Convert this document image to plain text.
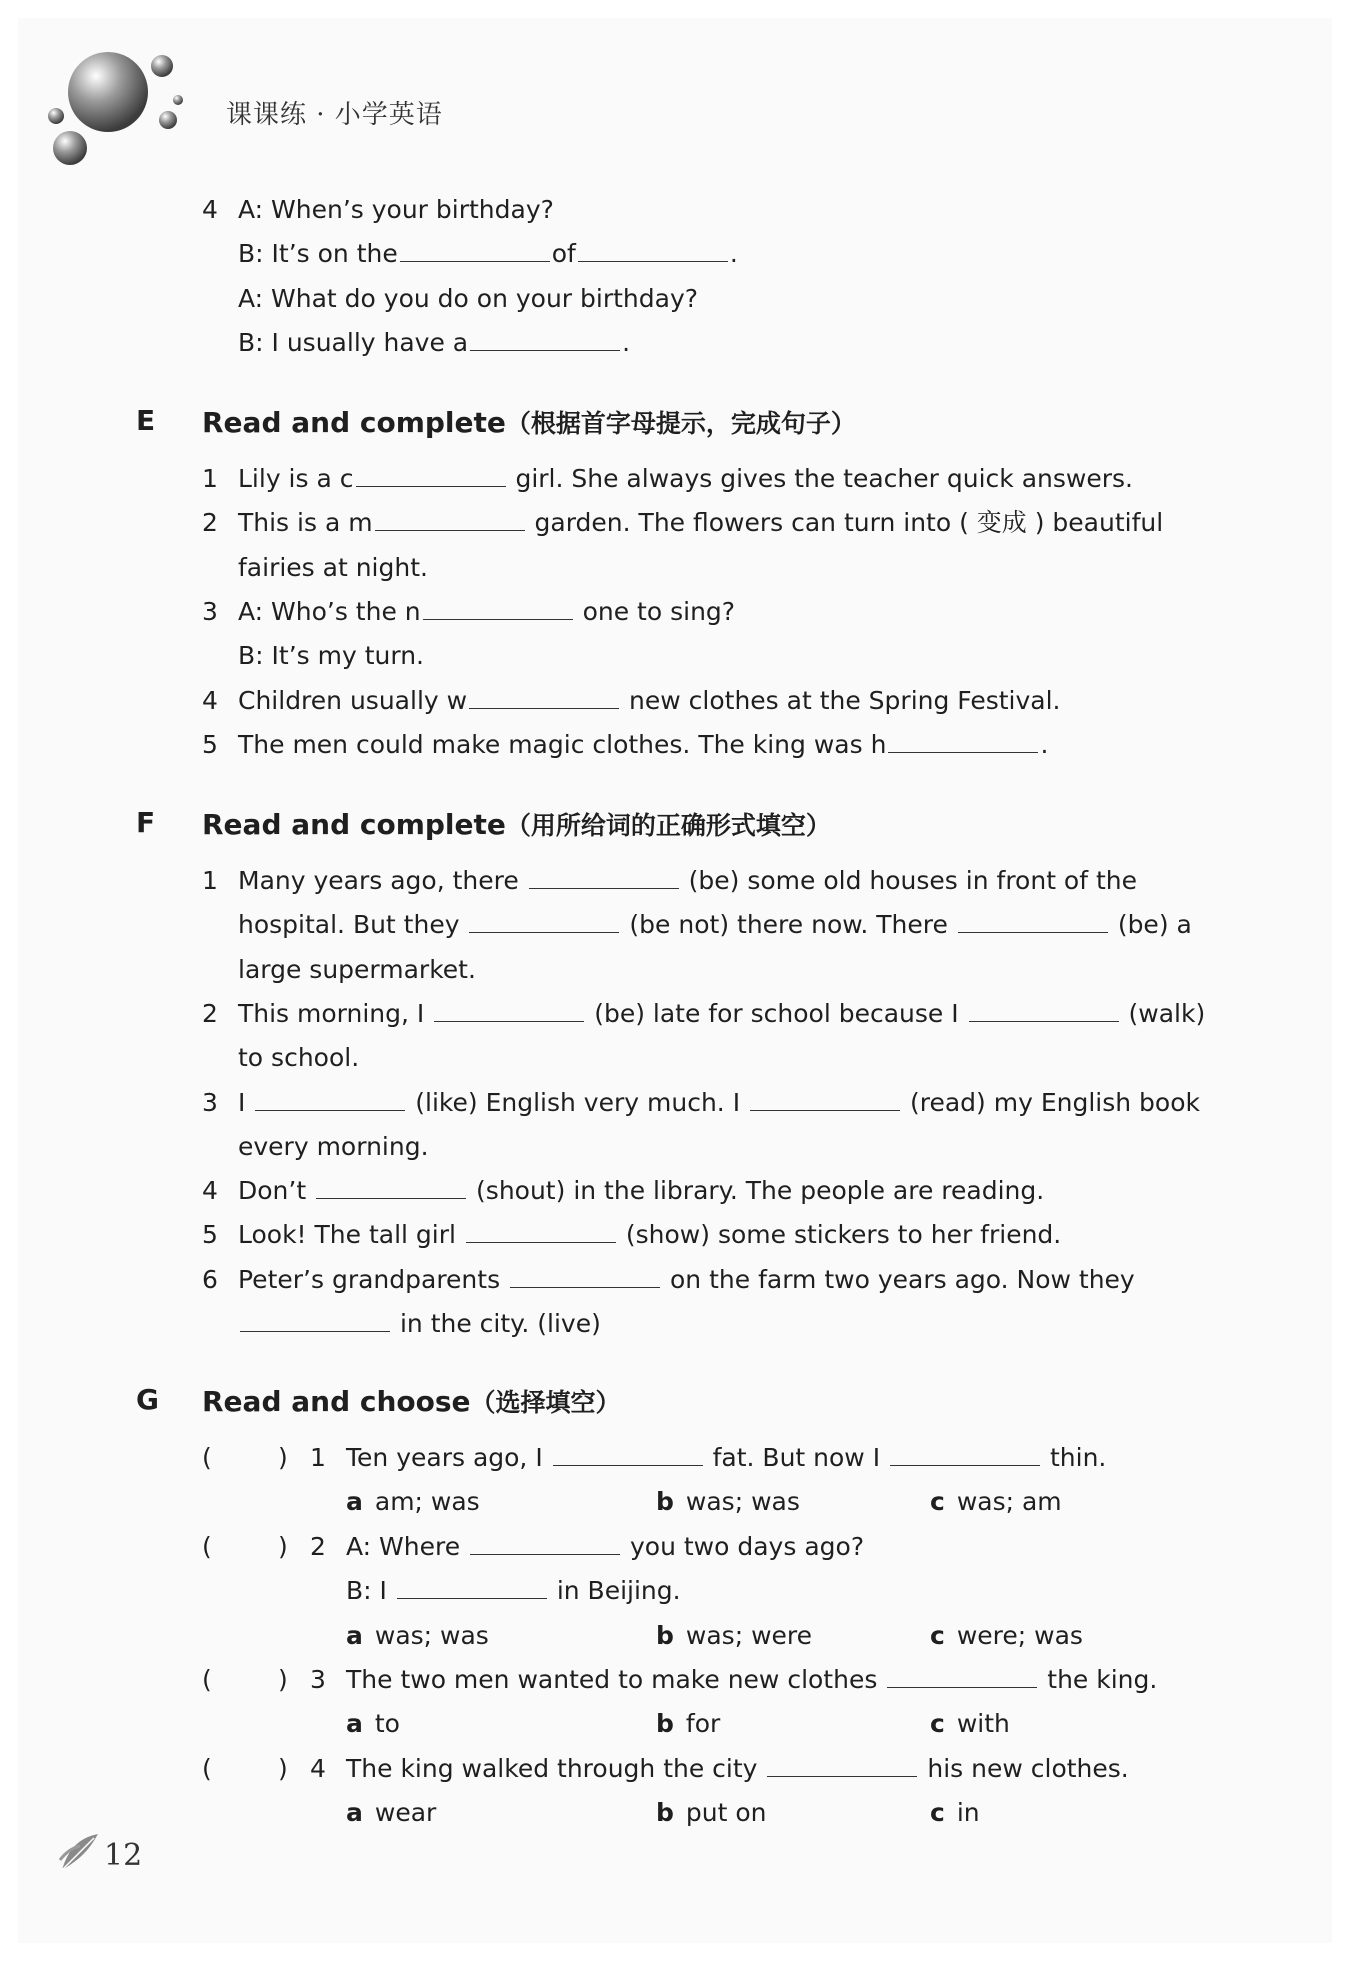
课课练 · 小学英语
4 A: When’s your birthday?
B: It’s on the	of	.
A: What do you do on your birthday?
B: I usually have a	.
E Read and complete（根据首字母提示，完成句子）
1 Lily is a c	girl. She always gives the teacher quick answers.
2 This is a m	garden. The flowers can turn into ( 变成 ) beautiful
fairies at night.
3 A: Who’s the n	one to sing?
B: It’s my turn.
4 Children usually w	new clothes at the Spring Festival.
5 The men could make magic clothes. The king was h	.
F Read and complete（用所给词的正确形式填空）
1 Many years ago, there	(be) some old houses in front of the
hospital. But they	(be not) there now. There	(be) a
large supermarket.
2 This morning, I	(be) late for school because I	(walk)
to school.
3 I	(like) English very much. I	(read) my English book
every morning.
4 Don’t	(shout) in the library. The people are reading.
5 Look! The tall girl	(show) some stickers to her friend.
6 Peter’s grandparents	on the farm two years ago. Now they
in the city. (live)
G Read and choose（选择填空）
(	) 1 Ten years ago, I	fat. But now I	thin.
a am; was	b was; was	c was; am
(	) 2 A: Where	you two days ago?
B: I	in Beijing.
a was; was	b was; were	c were; was
(	) 3 The two men wanted to make new clothes	the king.
a to	b for	c with
(	) 4 The king walked through the city	his new clothes.
a wear	b put on	c in
12
